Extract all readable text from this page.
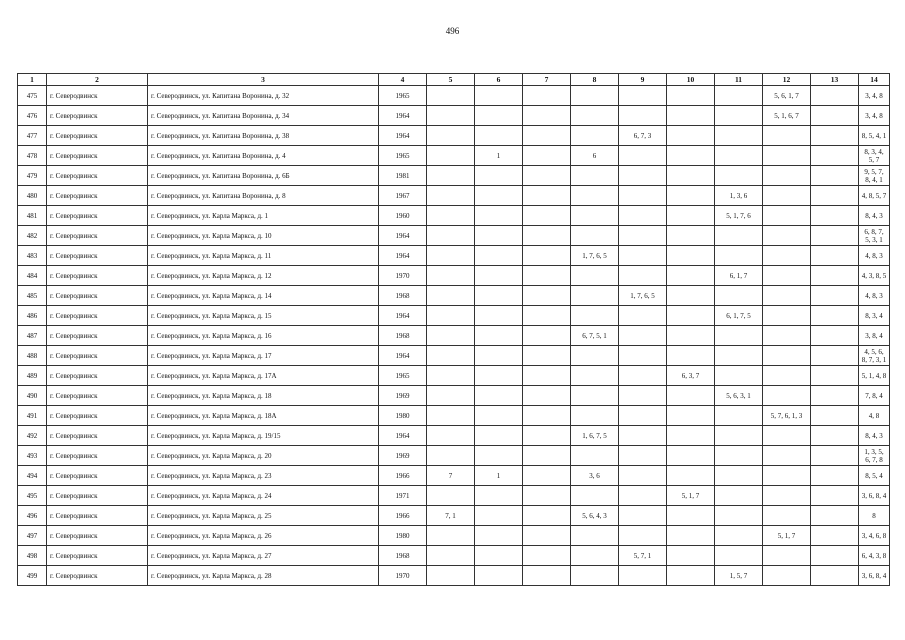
496
1	2	3	4	5	6	7	8	9	10	11	12	13	14
475	г. Северодвинск	г. Северодвинск, ул. Капитана Воронина, д. 32	1965								5, 6, 1, 7		3, 4, 8
476	г. Северодвинск	г. Северодвинск, ул. Капитана Воронина, д. 34	1964								5, 1, 6, 7		3, 4, 8
477	г. Северодвинск	г. Северодвинск, ул. Капитана Воронина, д. 38	1964					6, 7, 3					8, 5, 4, 1
478	г. Северодвинск	г. Северодвинск, ул. Капитана Воронина, д. 4	1965		1		6						8, 3, 4, 5, 7
479	г. Северодвинск	г. Северодвинск, ул. Капитана Воронина, д. 6Б	1981										9, 5, 7, 8, 4, 1
480	г. Северодвинск	г. Северодвинск, ул. Капитана Воронина, д. 8	1967							1, 3, 6			4, 8, 5, 7
481	г. Северодвинск	г. Северодвинск, ул. Карла Маркса, д. 1	1960							5, 1, 7, 6			8, 4, 3
482	г. Северодвинск	г. Северодвинск, ул. Карла Маркса, д. 10	1964										6, 8, 7, 5, 3, 1
483	г. Северодвинск	г. Северодвинск, ул. Карла Маркса, д. 11	1964				1, 7, 6, 5						4, 8, 3
484	г. Северодвинск	г. Северодвинск, ул. Карла Маркса, д. 12	1970							6, 1, 7			4, 3, 8, 5
485	г. Северодвинск	г. Северодвинск, ул. Карла Маркса, д. 14	1968					1, 7, 6, 5					4, 8, 3
486	г. Северодвинск	г. Северодвинск, ул. Карла Маркса, д. 15	1964							6, 1, 7, 5			8, 3, 4
487	г. Северодвинск	г. Северодвинск, ул. Карла Маркса, д. 16	1968				6, 7, 5, 1						3, 8, 4
488	г. Северодвинск	г. Северодвинск, ул. Карла Маркса, д. 17	1964										4, 5, 6, 8, 7, 3, 1
489	г. Северодвинск	г. Северодвинск, ул. Карла Маркса, д. 17А	1965						6, 3, 7				5, 1, 4, 8
490	г. Северодвинск	г. Северодвинск, ул. Карла Маркса, д. 18	1969							5, 6, 3, 1			7, 8, 4
491	г. Северодвинск	г. Северодвинск, ул. Карла Маркса, д. 18А	1980								5, 7, 6, 1, 3		4, 8
492	г. Северодвинск	г. Северодвинск, ул. Карла Маркса, д. 19/15	1964				1, 6, 7, 5						8, 4, 3
493	г. Северодвинск	г. Северодвинск, ул. Карла Маркса, д. 20	1969										1, 3, 5, 6, 7, 8
494	г. Северодвинск	г. Северодвинск, ул. Карла Маркса, д. 23	1966	7	1		3, 6						8, 5, 4
495	г. Северодвинск	г. Северодвинск, ул. Карла Маркса, д. 24	1971						5, 1, 7				3, 6, 8, 4
496	г. Северодвинск	г. Северодвинск, ул. Карла Маркса, д. 25	1966	7, 1			5, 6, 4, 3						8
497	г. Северодвинск	г. Северодвинск, ул. Карла Маркса, д. 26	1980								5, 1, 7		3, 4, 6, 8
498	г. Северодвинск	г. Северодвинск, ул. Карла Маркса, д. 27	1968					5, 7, 1					6, 4, 3, 8
499	г. Северодвинск	г. Северодвинск, ул. Карла Маркса, д. 28	1970							1, 5, 7			3, 6, 8, 4
